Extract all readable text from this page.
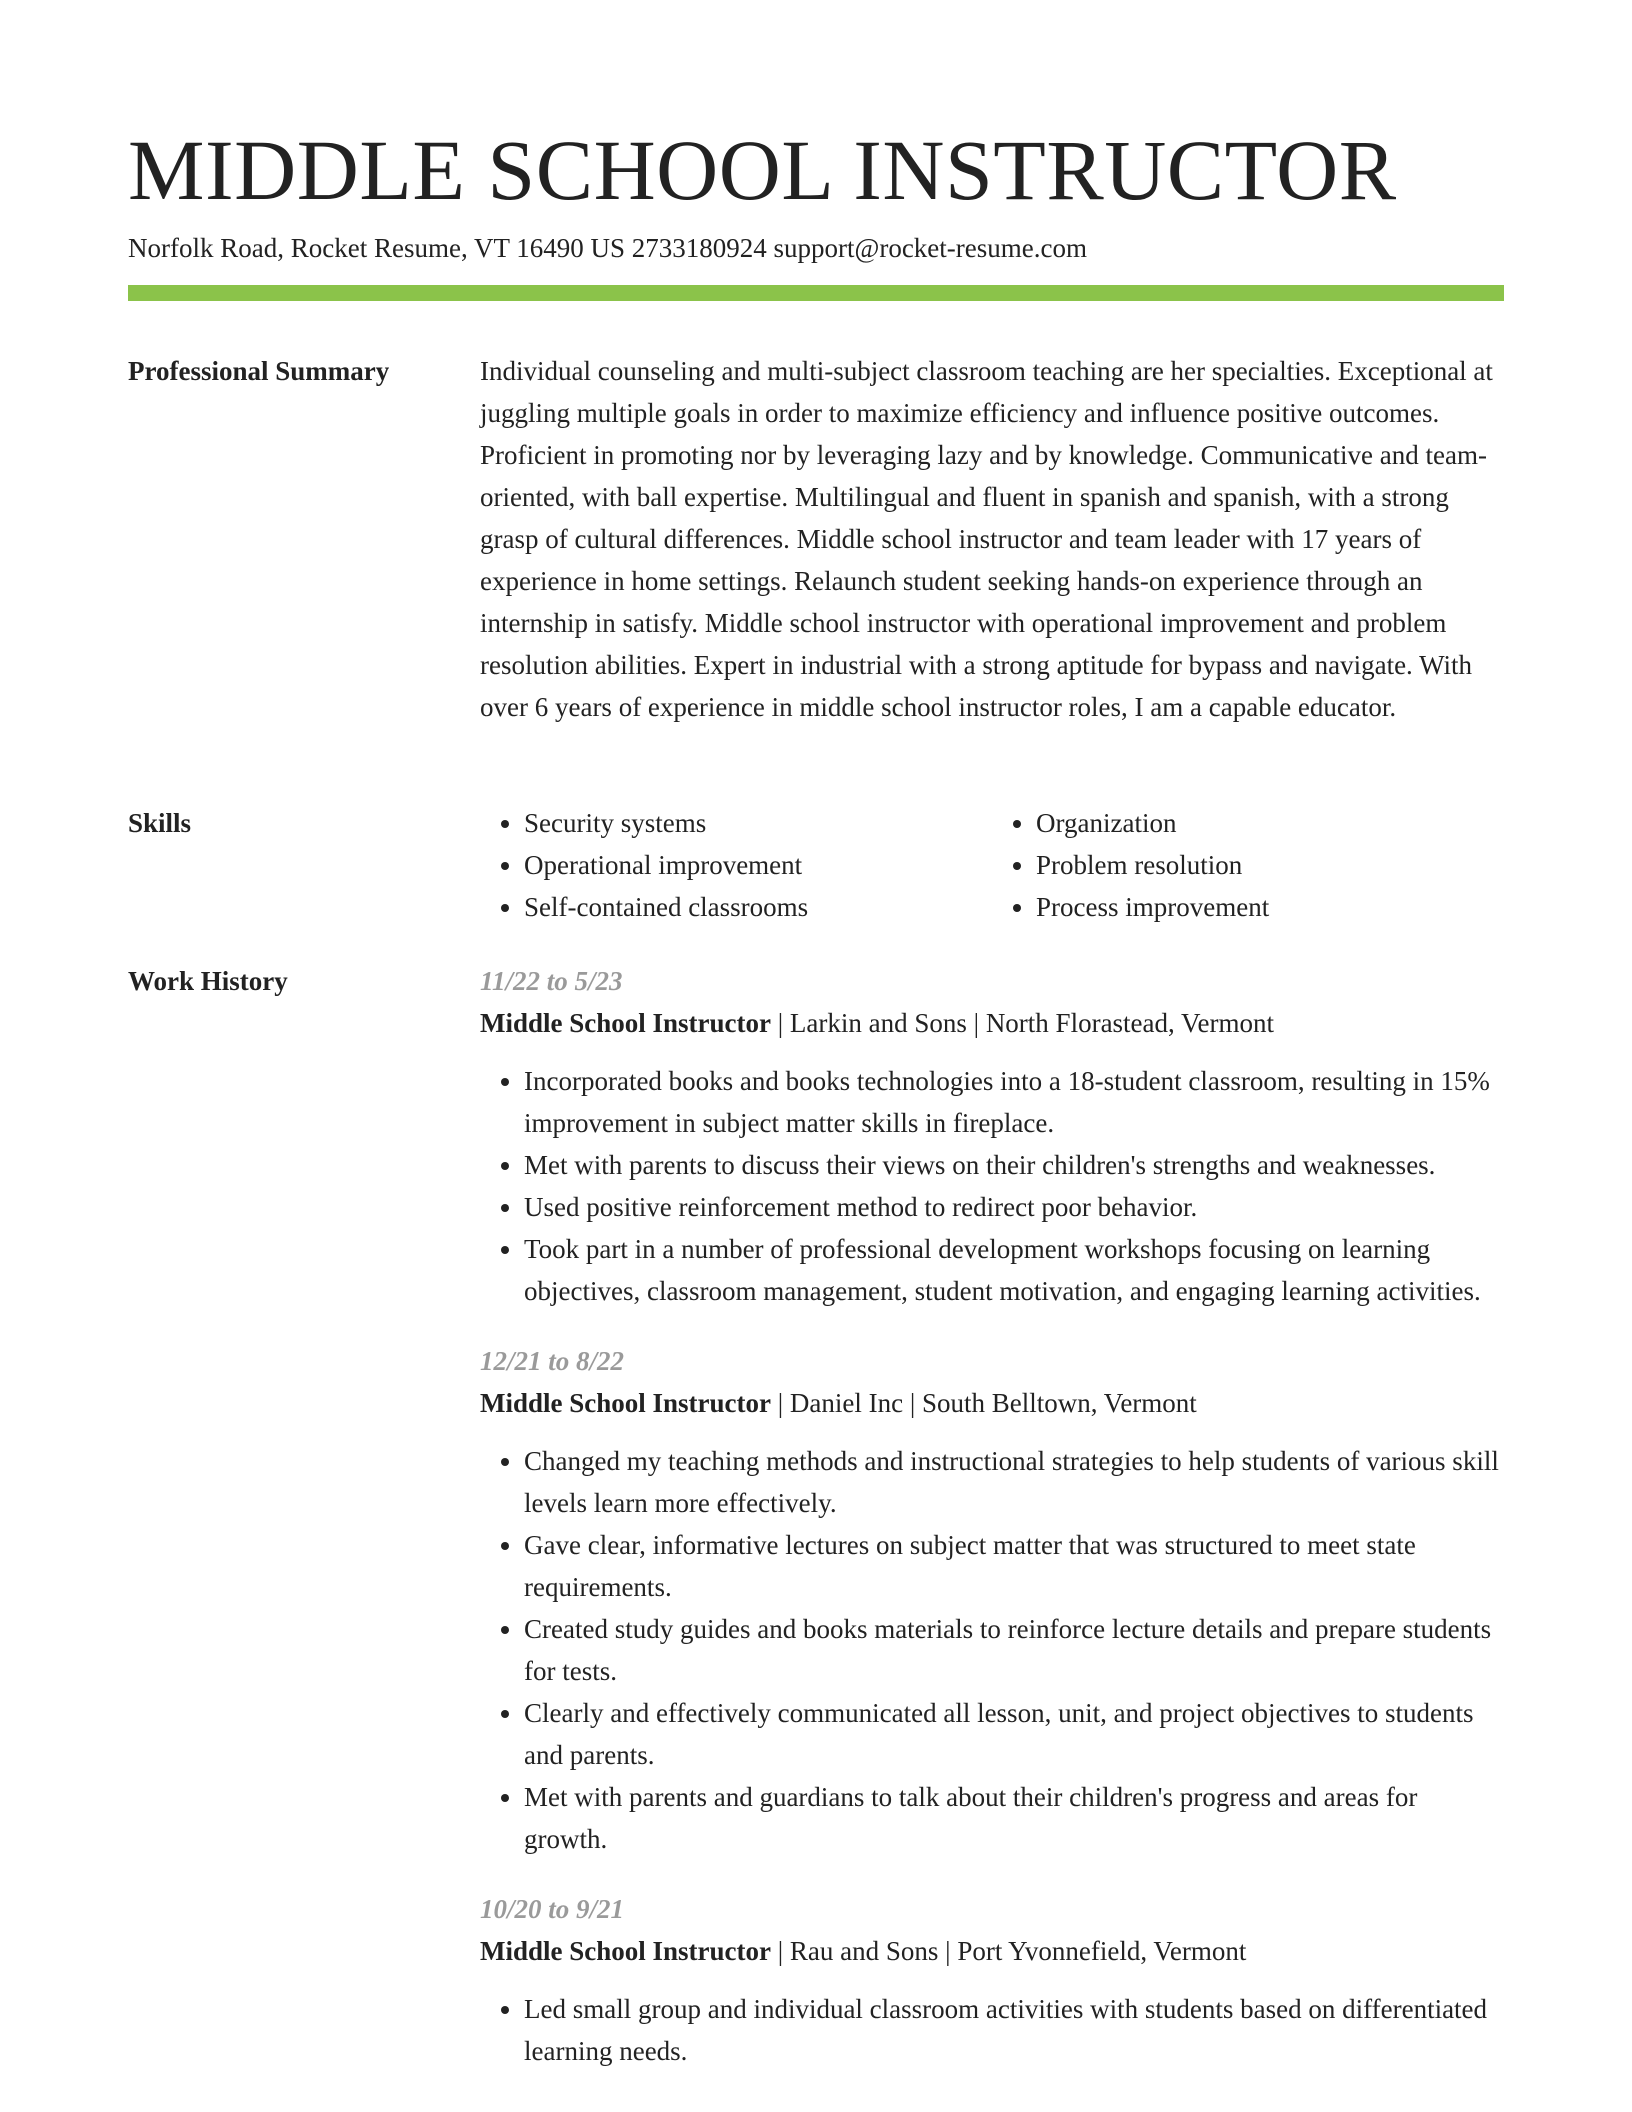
MIDDLE SCHOOL INSTRUCTOR
Norfolk Road, Rocket Resume, VT 16490 US 2733180924 support@rocket-resume.com
Professional Summary	Individual counseling and multi-subject classroom teaching are her specialties. Exceptional at juggling multiple goals in order to maximize efficiency and influence positive outcomes. Proficient in promoting nor by leveraging lazy and by knowledge. Communicative and team-oriented, with ball expertise. Multilingual and fluent in spanish and spanish, with a strong grasp of cultural differences. Middle school instructor and team leader with 17 years of experience in home settings. Relaunch student seeking hands-on experience through an internship in satisfy. Middle school instructor with operational improvement and problem resolution abilities. Expert in industrial with a strong aptitude for bypass and navigate. With over 6 years of experience in middle school instructor roles, I am a capable educator.

Skills
•	Security systems
• Operational improvement
• Self-contained classrooms
• Organization
• Problem resolution
• Process improvement
Work History	11/22 to 5/23
Middle School Instructor | Larkin and Sons | North Florastead, Vermont
• Incorporated books and books technologies into a 18-student classroom, resulting in 15% improvement in subject matter skills in fireplace.
• Met with parents to discuss their views on their children's strengths and weaknesses.
• Used positive reinforcement method to redirect poor behavior.
• Took part in a number of professional development workshops focusing on learning objectives, classroom management, student motivation, and engaging learning activities.
12/21 to 8/22
Middle School Instructor | Daniel Inc | South Belltown, Vermont
• Changed my teaching methods and instructional strategies to help students of various skill levels learn more effectively.
• Gave clear, informative lectures on subject matter that was structured to meet state requirements.
• Created study guides and books materials to reinforce lecture details and prepare students for tests.
• Clearly and effectively communicated all lesson, unit, and project objectives to students and parents.
• Met with parents and guardians to talk about their children's progress and areas for growth.
10/20 to 9/21
Middle School Instructor | Rau and Sons | Port Yvonnefield, Vermont
• Led small group and individual classroom activities with students based on differentiated learning needs.
